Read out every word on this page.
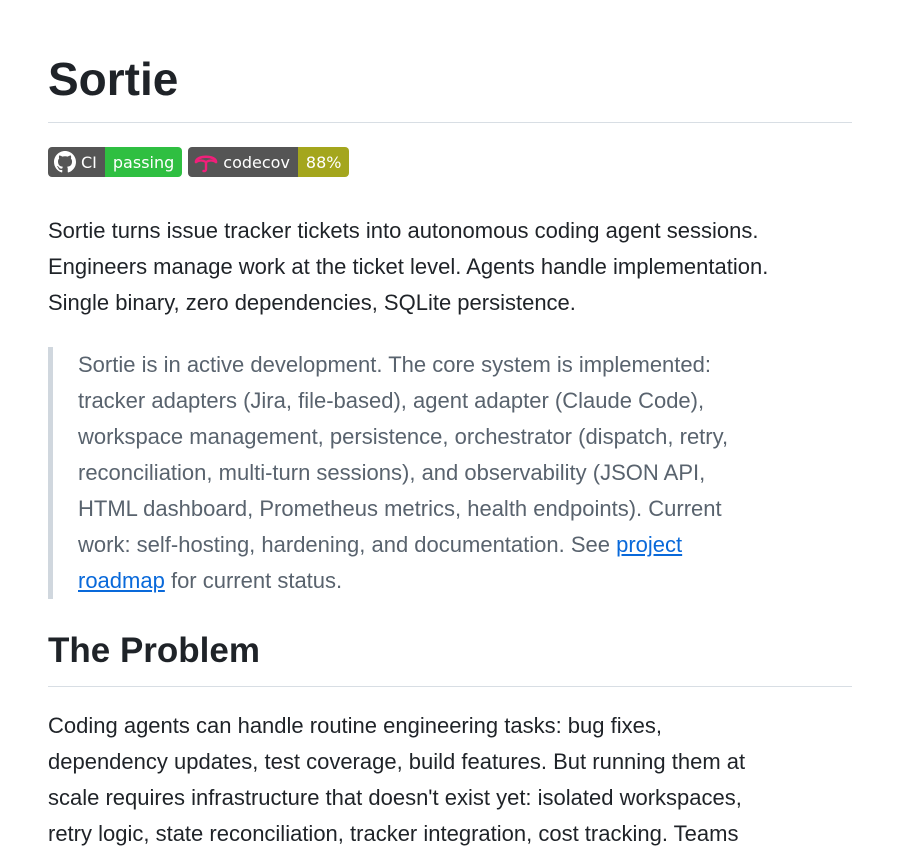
Sortie
CI	passing	codecov	88%

Sortie turns issue tracker tickets into autonomous coding agent sessions.
Engineers manage work at the ticket level. Agents handle implementation.
Single binary, zero dependencies, SQLite persistence.

Sortie is in active development. The core system is implemented:
tracker adapters (Jira, file-based), agent adapter (Claude Code),
workspace management, persistence, orchestrator (dispatch, retry,
reconciliation, multi-turn sessions), and observability (JSON API,
HTML dashboard, Prometheus metrics, health endpoints). Current
work: self-hosting, hardening, and documentation. See project
roadmap for current status.
The Problem

Coding agents can handle routine engineering tasks: bug fixes,
dependency updates, test coverage, build features. But running them at
scale requires infrastructure that doesn't exist yet: isolated workspaces,
retry logic, state reconciliation, tracker integration, cost tracking. Teams
